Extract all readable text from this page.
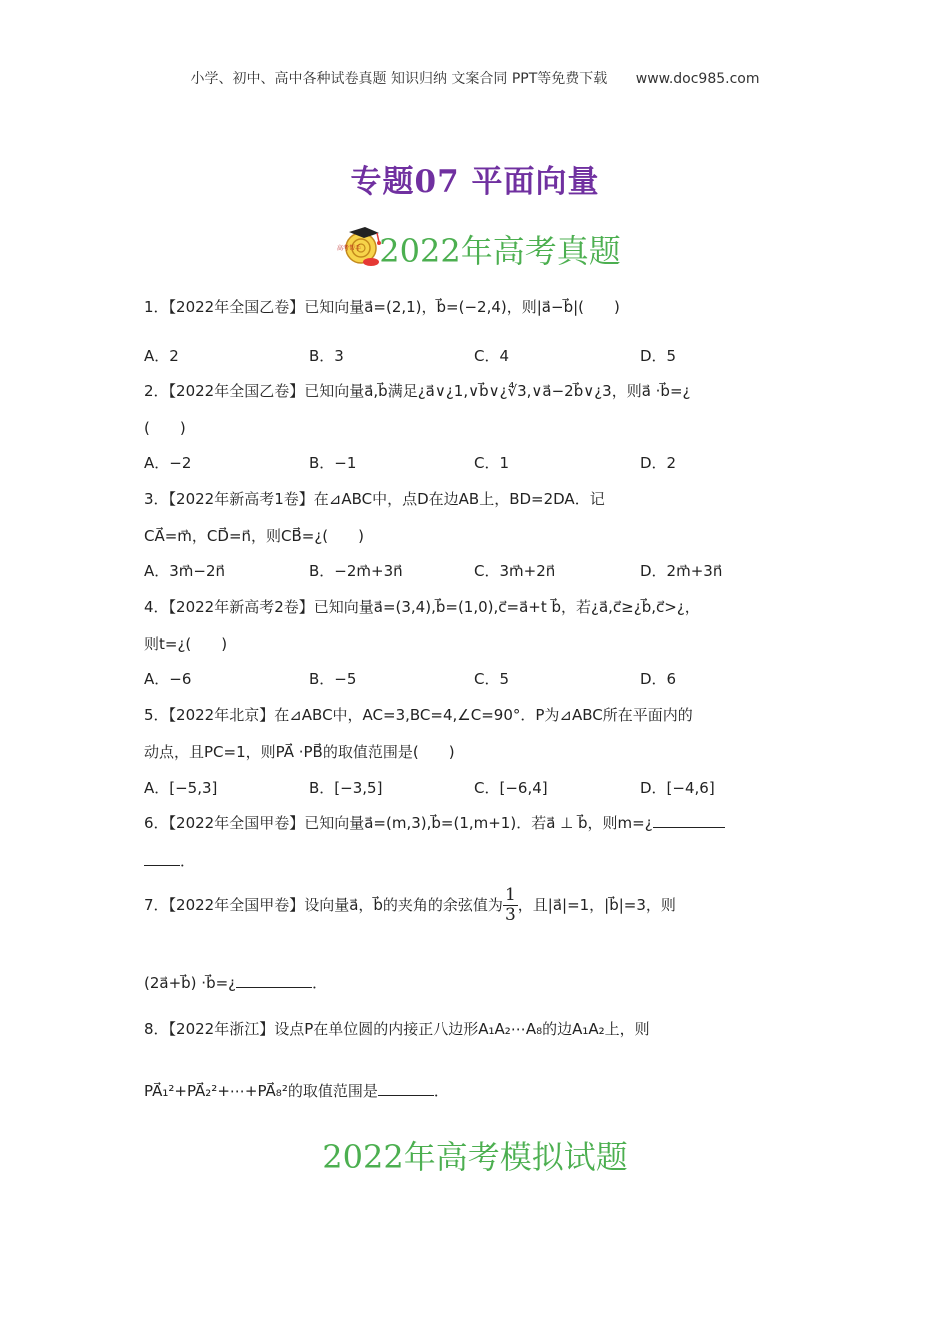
小学、初中、高中各种试卷真题 知识归纳 文案合同 PPT等免费下载 www.doc985.com
专题07 平面向量
高考帮手 2022年高考真题
1．【2022年全国乙卷】已知向量a⃗=(2,1)，b⃗=(−2,4)，则|a⃗−b⃗|(　　)
A．2	B．3	C．4	D．5
2．【2022年全国乙卷】已知向量a⃗,b⃗满足¿a⃗∨¿1,∨b⃗∨¿∜3,∨a⃗−2b⃗∨¿3，则a⃗ ·b⃗=¿
(　　)
A．−2	B．−1	C．1	D．2
3．【2022年新高考1卷】在⊿ABC中，点D在边AB上，BD=2DA．记
CA⃗=m⃗，CD⃗=n⃗，则CB⃗=¿(　　)
A．3m⃗−2n⃗	B．−2m⃗+3n⃗	C．3m⃗+2n⃗	D．2m⃗+3n⃗
4．【2022年新高考2卷】已知向量a⃗=(3,4),b⃗=(1,0),c⃗=a⃗+t b⃗，若¿a⃗,c⃗≥¿b⃗,c⃗>¿，
则t=¿(　　)
A．−6	B．−5	C．5	D．6
5．【2022年北京】在⊿ABC中，AC=3,BC=4,∠C=90°．P为⊿ABC所在平面内的
动点，且PC=1，则PA⃗ ·PB⃗的取值范围是(　　)
A．[−5,3]	B．[−3,5]	C．[−6,4]	D．[−4,6]
6．【2022年全国甲卷】已知向量a⃗=(m,3),b⃗=(1,m+1)．若a⃗ ⊥ b⃗，则m=¿
．
7．【2022年全国甲卷】设向量a⃗，b⃗的夹角的余弦值为 $\frac{1}{3}$，且|a⃗|=1，|b⃗|=3，则
(2a⃗+b⃗) ·b⃗=¿	．
8．【2022年浙江】设点P在单位圆的内接正八边形A₁A₂⋯A₈的边A₁A₂上，则
PA⃗₁²+PA⃗₂²+⋯+PA⃗₈²的取值范围是	．
2022年高考模拟试题
